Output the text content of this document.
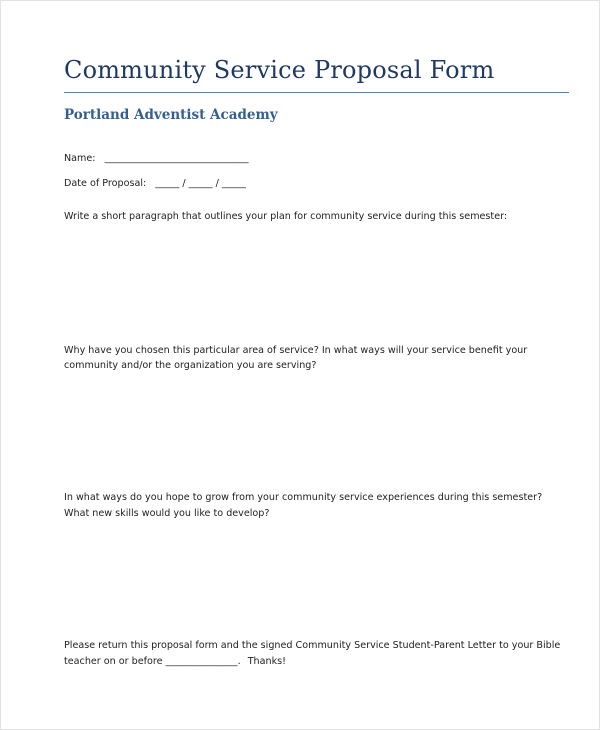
Community Service Proposal Form
Portland Adventist Academy
Name: ______________________________
Date of Proposal: _____ / _____ / _____
Write a short paragraph that outlines your plan for community service during this semester:
Why have you chosen this particular area of service? In what ways will your service benefit your
community and/or the organization you are serving?
In what ways do you hope to grow from your community service experiences during this semester?
What new skills would you like to develop?
Please return this proposal form and the signed Community Service Student-Parent Letter to your Bible
teacher on or before _______________. Thanks!
